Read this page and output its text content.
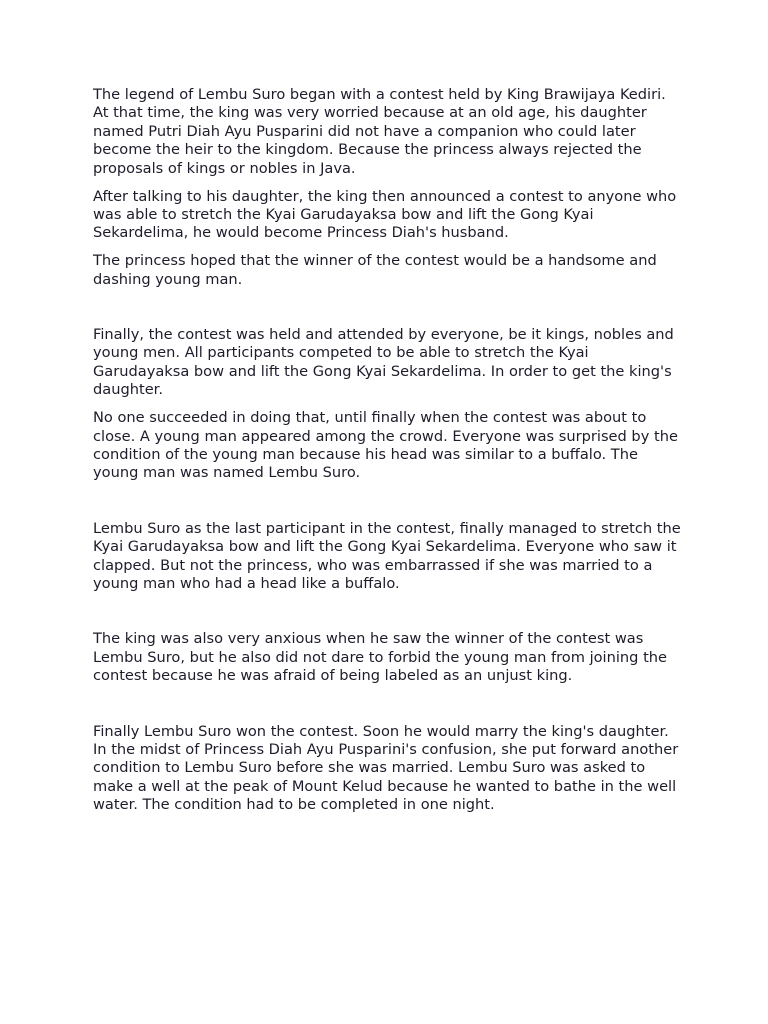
The legend of Lembu Suro began with a contest held by King Brawijaya Kediri. At that time, the king was very worried because at an old age, his daughter named Putri Diah Ayu Pusparini did not have a companion who could later become the heir to the kingdom. Because the princess always rejected the proposals of kings or nobles in Java.

After talking to his daughter, the king then announced a contest to anyone who was able to stretch the Kyai Garudayaksa bow and lift the Gong Kyai Sekardelima, he would become Princess Diah's husband.

The princess hoped that the winner of the contest would be a handsome and dashing young man.

Finally, the contest was held and attended by everyone, be it kings, nobles and young men. All participants competed to be able to stretch the Kyai Garudayaksa bow and lift the Gong Kyai Sekardelima. In order to get the king's daughter.

No one succeeded in doing that, until finally when the contest was about to close. A young man appeared among the crowd. Everyone was surprised by the condition of the young man because his head was similar to a buffalo. The young man was named Lembu Suro.

Lembu Suro as the last participant in the contest, finally managed to stretch the Kyai Garudayaksa bow and lift the Gong Kyai Sekardelima. Everyone who saw it clapped. But not the princess, who was embarrassed if she was married to a young man who had a head like a buffalo.

The king was also very anxious when he saw the winner of the contest was Lembu Suro, but he also did not dare to forbid the young man from joining the contest because he was afraid of being labeled as an unjust king.

Finally Lembu Suro won the contest. Soon he would marry the king's daughter. In the midst of Princess Diah Ayu Pusparini's confusion, she put forward another condition to Lembu Suro before she was married. Lembu Suro was asked to make a well at the peak of Mount Kelud because he wanted to bathe in the well water. The condition had to be completed in one night.
